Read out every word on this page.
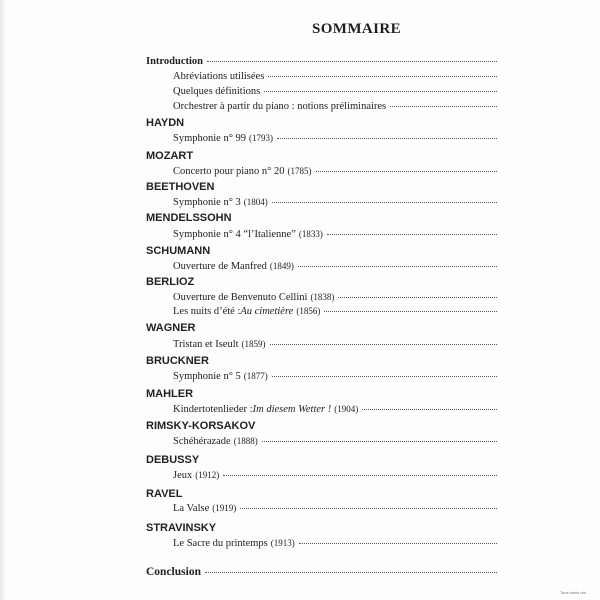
SOMMAIRE
Introduction
Abréviations utilisées
Quelques définitions
Orchestrer à partir du piano : notions préliminaires
HAYDN
Symphonie n° 99 (1793)
MOZART
Concerto pour piano n° 20 (1785)
BEETHOVEN
Symphonie n° 3 (1804)
MENDELSSOHN
Symphonie n° 4 “l’Italienne” (1833)
SCHUMANN
Ouverture de Manfred (1849)
BERLIOZ
Ouverture de Benvenuto Cellini (1838)
Les nuits d’été : Au cimetière (1856)
WAGNER
Tristan et Iseult (1859)
BRUCKNER
Symphonie n° 5 (1877)
MAHLER
Kindertotenlieder : Im diesem Wetter ! (1904)
RIMSKY-KORSAKOV
Schéhérazade (1888)
DEBUSSY
Jeux (1912)
RAVEL
La Valse (1919)
STRAVINSKY
Le Sacre du printemps (1913)
Conclusion
Tous droits rés.
